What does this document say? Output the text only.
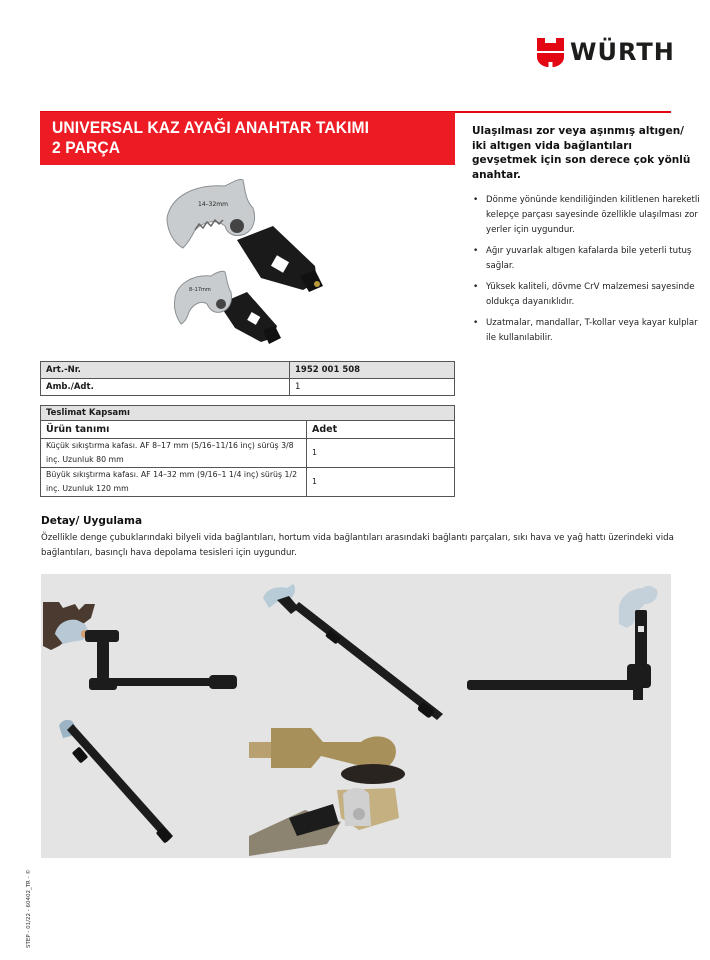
WÜRTH
UNIVERSAL KAZ AYAĞI ANAHTAR TAKIMI
2 PARÇA
Ulaşılması zor veya aşınmış altıgen/ iki altıgen vida bağlantıları gevşetmek için son derece çok yönlü anahtar.
• Dönme yönünde kendiliğinden kilitlenen hareketli kelepçe parçası sayesinde özellikle ulaşılması zor yerler için uygundur.
• Ağır yuvarlak altıgen kafalarda bile yeterli tutuş sağlar.
• Yüksek kaliteli, dövme CrV malzemesi sayesinde oldukça dayanıklıdır.
• Uzatmalar, mandallar, T-kollar veya kayar kulplar ile kullanılabilir.
14–32mm
8–17mm
Art.-Nr.	1952 001 508
Amb./Adt.	1
Teslimat Kapsamı	
Ürün tanımı	Adet
Küçük sıkıştırma kafası. AF 8–17 mm (5/16–11/16 inç) sürüş 3/8 inç. Uzunluk 80 mm	1
Büyük sıkıştırma kafası. AF 14–32 mm (9/16–1 1/4 inç) sürüş 1/2 inç. Uzunluk 120 mm	1
Detay/ Uygulama
Özellikle denge çubuklarındaki bilyeli vida bağlantıları, hortum vida bağlantıları arasındaki bağlantı parçaları, sıkı hava ve yağ hattı üzerindeki vida bağlantıları, basınçlı hava depolama tesisleri için uygundur.
STEP - 01/22 - 60402_TR - ©
